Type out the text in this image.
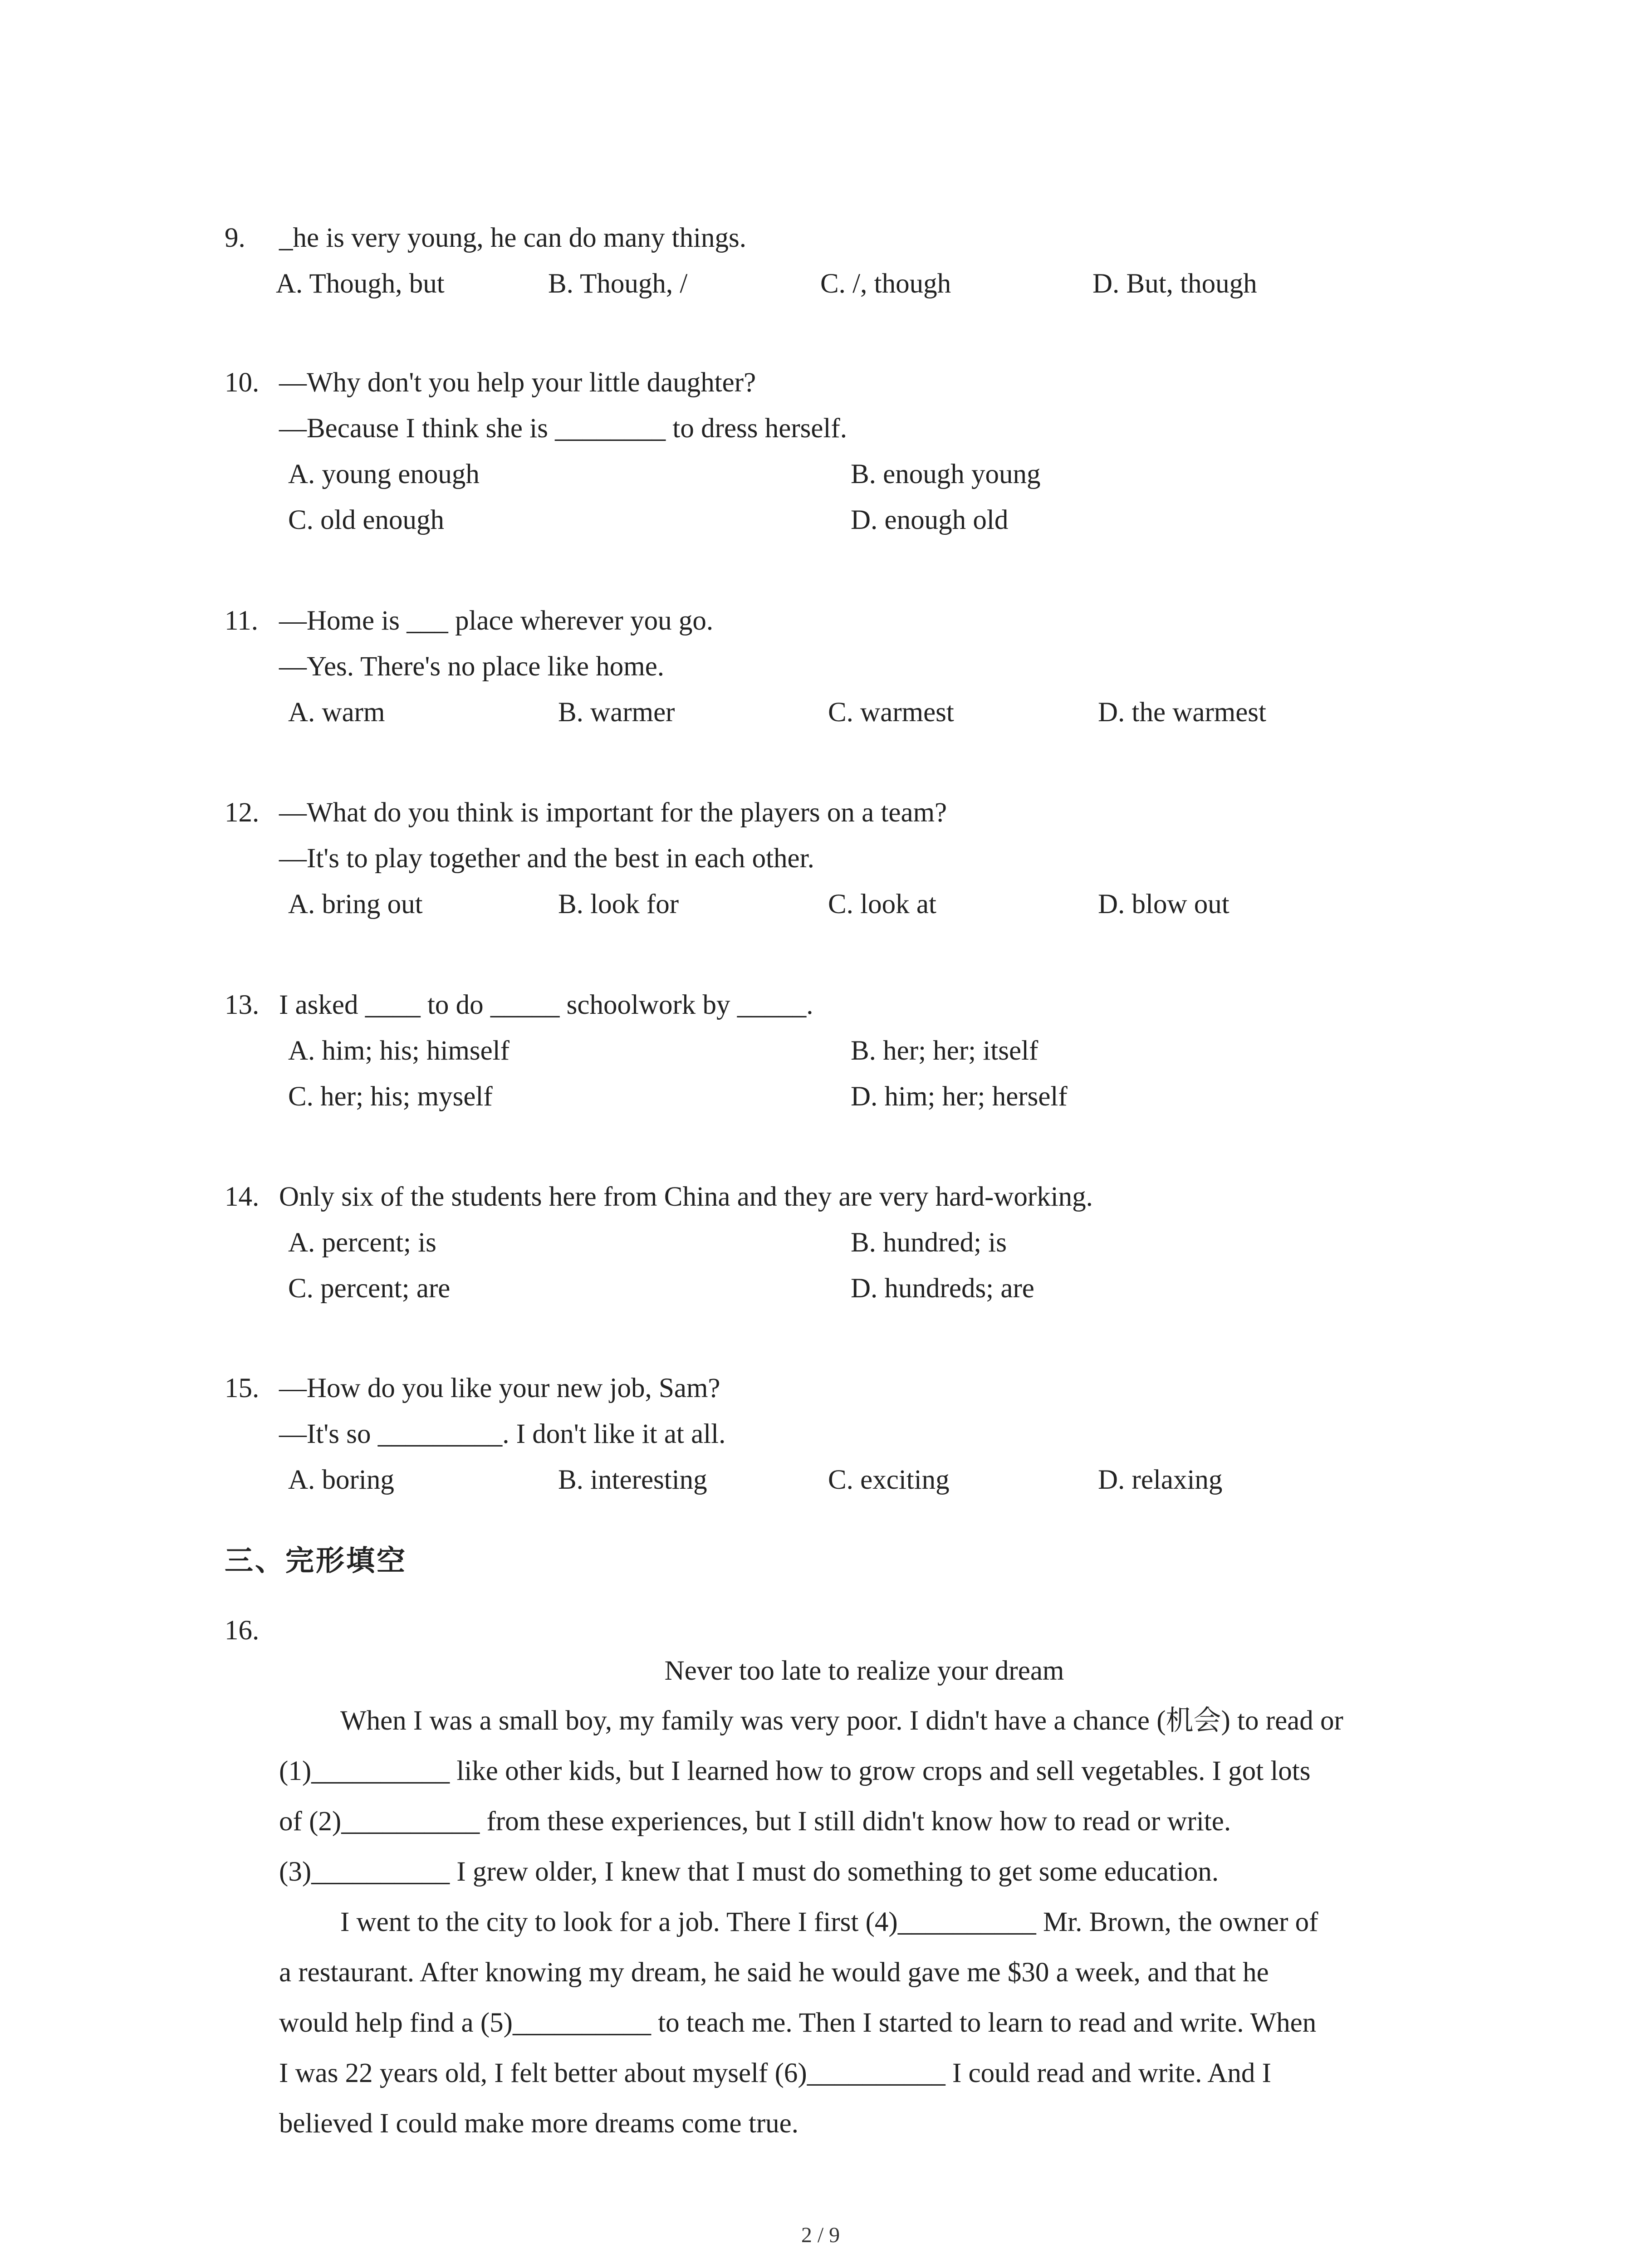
9. _he is very young, he can do many things.

A. Though, but

	B. Though, /

	C. /, though

	D. But, though

10. —Why don't you help your little daughter?
—Because I think she is ________ to dress herself.

A. young enough

	B. enough young

C. old enough

	D. enough old

11. —Home is ___ place wherever you go.
—Yes. There's no place like home.

A. warm

	B. warmer

	C. warmest

	D. the warmest

12. —What do you think is important for the players on a team?
—It's to play together and the best in each other.

A. bring out

	B. look for

	C. look at

	D. blow out

13. I asked ____ to do _____ schoolwork by _____.

A. him; his; himself

	B. her; her; itself

C. her; his; myself

	D. him; her; herself

14. Only six of the students here from China and they are very hard-working.

A. percent; is

	B. hundred; is

C. percent; are

	D. hundreds; are

15. —How do you like your new job, Sam?
—It's so _________. I don't like it at all.

A. boring

	B. interesting

	C. exciting

	D. relaxing

三、完形填空
16.
Never too late to realize your dream
When I was a small boy, my family was very poor. I didn't have a chance (机会) to read or
(1)__________ like other kids, but I learned how to grow crops and sell vegetables. I got lots
of (2)__________ from these experiences, but I still didn't know how to read or write.
(3)__________ I grew older, I knew that I must do something to get some education.
I went to the city to look for a job. There I first (4)__________ Mr. Brown, the owner of
a restaurant. After knowing my dream, he said he would gave me $30 a week, and that he
would help find a (5)__________ to teach me. Then I started to learn to read and write. When
I was 22 years old, I felt better about myself (6)__________ I could read and write. And I
believed I could make more dreams come true.
2 / 9
